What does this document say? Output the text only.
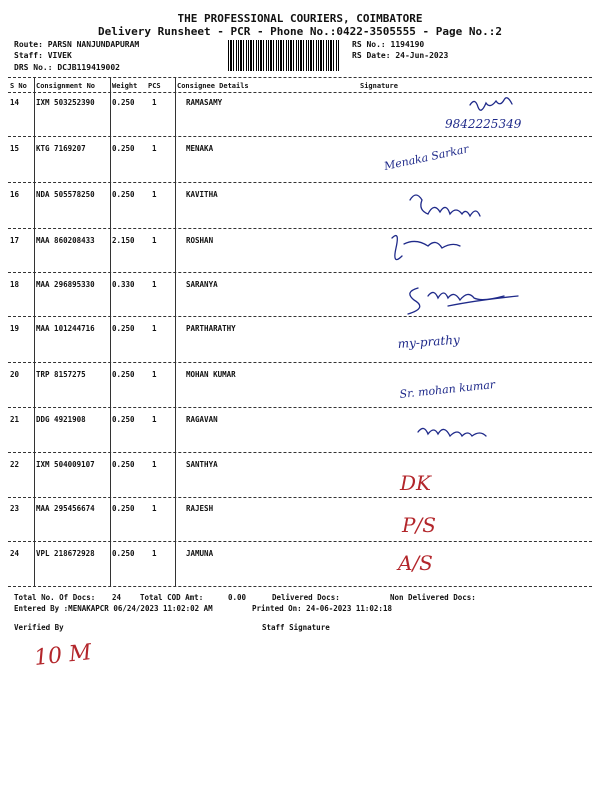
THE PROFESSIONAL COURIERS, COIMBATORE
Delivery Runsheet - PCR - Phone No.:0422-3505555 - Page No.:2
Route: PARSN NANJUNDAPURAM
Staff: VIVEK
DRS No.: DCJB119419002
RS No.: 1194190
RS Date: 24-Jun-2023
S No Consignment No Weight PCS Consignee Details	Signature
14 IXM 503252390 0.250 1	RAMASAMY
15 KTG 7169207	0.250 1	MENAKA
16 NDA 505578250 0.250 1	KAVITHA
17 MAA 860208433 2.150 1	ROSHAN
18 MAA 296895330 0.330 1	SARANYA
19 MAA 101244716 0.250 1	PARTHARATHY
20 TRP 8157275	0.250 1	MOHAN KUMAR
21 DDG 4921908	0.250 1	RAGAVAN
22 IXM 504009107 0.250 1	SANTHYA
23 MAA 295456674 0.250 1	RAJESH
24 VPL 218672928 0.250 1	JAMUNA
9842225349
Menaka Sarkar
my-prathy
Sr. mohan kumar
DK
P/S
A/S
10 M
Total No. Of Docs: 24	Total COD Amt:	0.00	Delivered Docs:	Non Delivered Docs:
Entered By :MENAKAPCR 06/24/2023 11:02:02 AM	Printed On: 24-06-2023 11:02:18
Verified By	Staff Signature
